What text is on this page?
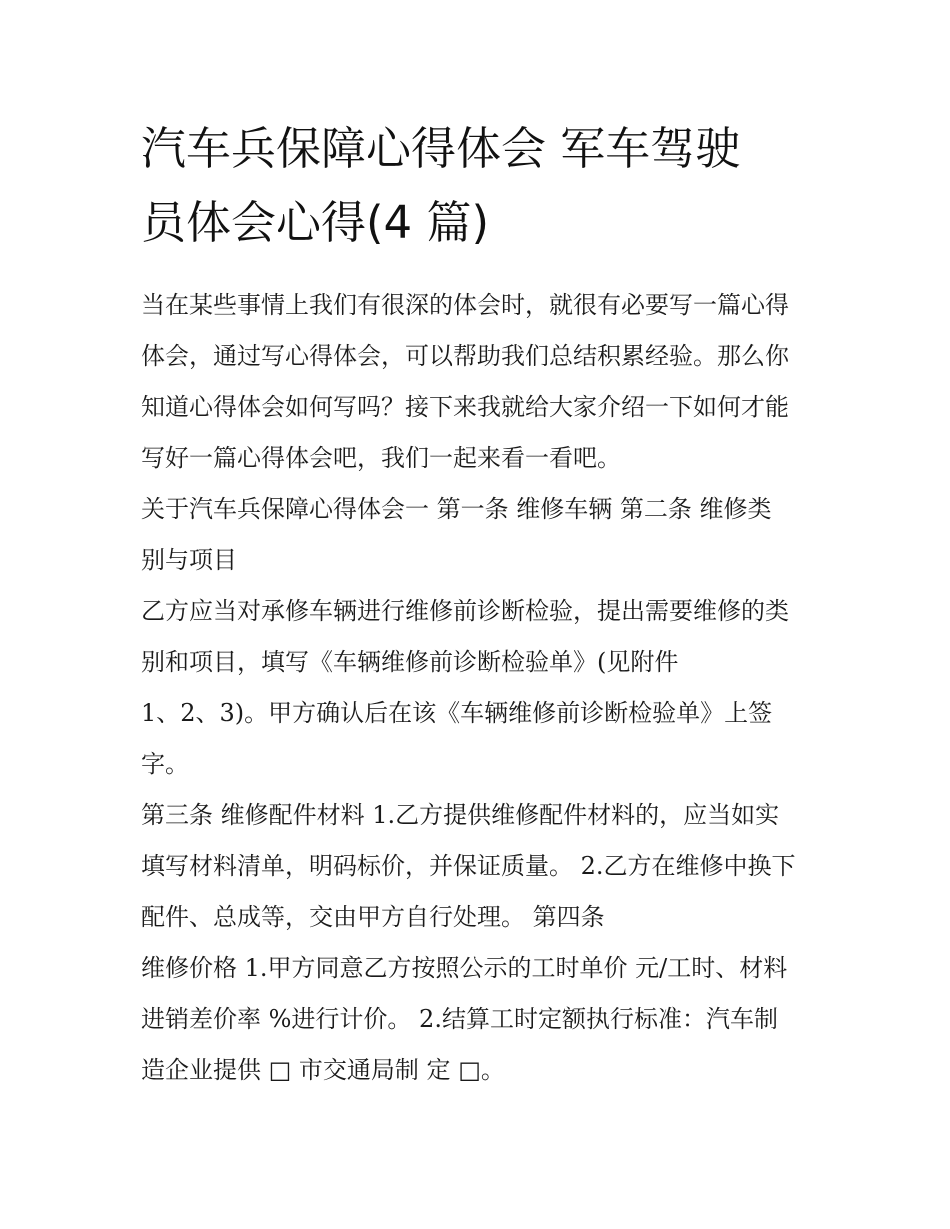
汽车兵保障心得体会 军车驾驶
员体会心得(4 篇)
当在某些事情上我们有很深的体会时，就很有必要写一篇心得
体会，通过写心得体会，可以帮助我们总结积累经验。那么你
知道心得体会如何写吗？接下来我就给大家介绍一下如何才能
写好一篇心得体会吧，我们一起来看一看吧。
关于汽车兵保障心得体会一 第一条 维修车辆 第二条 维修类
别与项目
乙方应当对承修车辆进行维修前诊断检验，提出需要维修的类
别和项目，填写《车辆维修前诊断检验单》(见附件
1、2、3)。甲方确认后在该《车辆维修前诊断检验单》上签
字。
第三条 维修配件材料 1.乙方提供维修配件材料的，应当如实
填写材料清单，明码标价，并保证质量。 2.乙方在维修中换下
配件、总成等，交由甲方自行处理。 第四条
维修价格 1.甲方同意乙方按照公示的工时单价 元/工时、材料
进销差价率 %进行计价。 2.结算工时定额执行标准：汽车制
造企业提供 □ 市交通局制 定 □。
